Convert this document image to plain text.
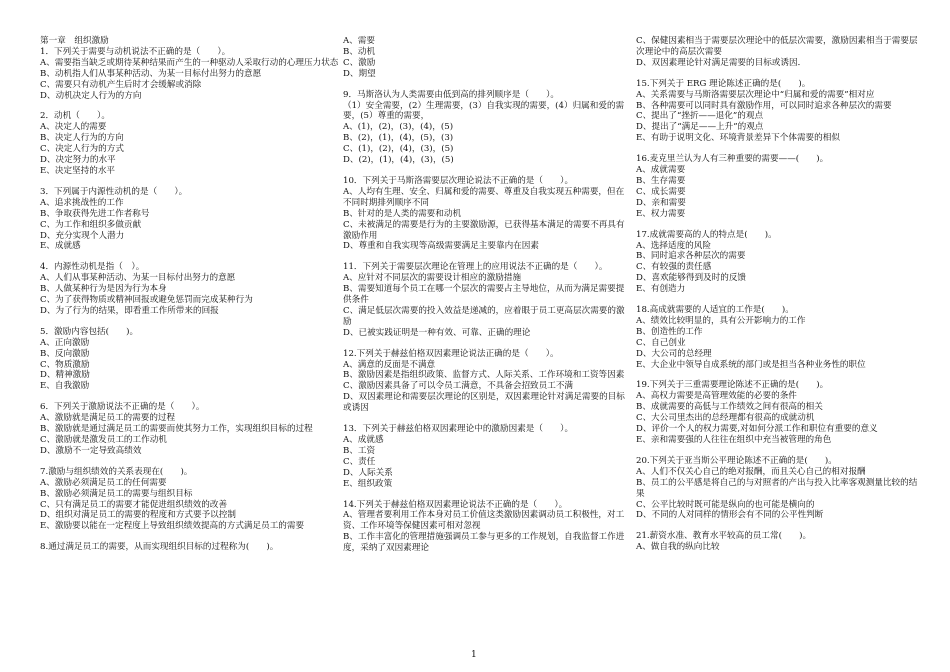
第一章　组织激励
1．下列关于需要与动机说法不正确的是（　　）。
A、需要指当缺乏或期待某种结果而产生的一种驱动人采取行动的心理压力状态
B、动机指人们从事某种活动、为某一目标付出努力的意愿
C、需要只有动机产生后时才会缓解或消除
D、动机决定人行为的方向
2．动机（　　）。
A、决定人的需要
B、决定人行为的方向
C、决定人行为的方式
D、决定努力的水平
E、决定坚持的水平
3．下列属于内源性动机的是（　　）。
A、追求挑战性的工作
B、争取获得先进工作者称号
C、为工作和组织多做贡献
D、充分实现个人潜力
E、成就感
4．内源性动机是指（　）。
A、人们从事某种活动、为某一目标付出努力的意愿
B、人做某种行为是因为行为本身
C、为了获得物质或精神回报或避免惩罚而完成某种行为
D、为了行为的结果，即看重工作所带来的回报
5．激励内容包括(　　)。
A、正向激励
B、反向激励
C、物质激励
D、精神激励
E、自我激励
6．下列关于激励说法不正确的是（　　）。
A、激励就是满足员工的需要的过程
B、激励就是通过满足员工的需要而使其努力工作，实现组织目标的过程
C、激励就是激发员工的工作动机
D、激励不一定导致高绩效
7.激励与组织绩效的关系表现在(　　)。
A、激励必须满足员工的任何需要
B、激励必须满足员工的需要与组织目标
C、只有满足员工的需要才能促进组织绩效的改善
D、组织对满足员工的需要的程度和方式要予以控制
E、激励要以能在一定程度上导致组织绩效提高的方式满足员工的需要
8.通过满足员工的需要，从而实现组织目标的过程称为(　　)。
A、需要
B、动机
C、激励
D、期望
9．马斯洛认为人类需要由低到高的排列顺序是（　　）。
（1）安全需要，(2）生理需要，(3）自我实现的需要，(4）归属和爱的需要，(5）尊重的需要，
A、(1)，(2)，(3)，(4)，(5)
B、(2)，(1)，(4)，(5)，(3)
C、(1)，(2)，(4)，(3)，(5)
D、(2)，(1)，(4)，(3)，(5)
10．下列关于马斯洛需要层次理论说法不正确的是（　　）。
A、人均有生理、安全、归属和爱的需要、尊重及自我实现五种需要，但在不同时期排列顺序不同
B、针对的是人类的需要和动机
C、未被满足的需要是行为的主要激励源，已获得基本满足的需要不再具有激励作用
D、尊重和自我实现等高级需要满足主要靠内在因素
11．下列关于需要层次理论在管理上的应用说法不正确的是（　　）。
A、应针对不同层次的需要设计相应的激励措施
B、需要知道每个员工在哪一个层次的需要占主导地位，从而为满足需要提供条件
C、满足低层次需要的投入效益是递减的，应着眼于员工更高层次需要的激励
D、已被实践证明是一种有效、可靠、正确的理论
12.下列关于赫兹伯格双因素理论说法正确的是（　　）。
A、满意的反面是不满意
B、激励因素是指组织政策、监督方式、人际关系、工作环境和工资等因素
C、激励因素具备了可以令员工满意，不具备会招致员工不满
D、双因素理论和需要层次理论的区别是，双因素理论针对满足需要的目标或诱因
13．下列关于赫兹伯格双因素理论中的激励因素是（　　）。
A、成就感
B、工资
C、责任
D、人际关系
E、组织政策
14.下列关于赫兹伯格双因素理论说法不正确的是（　　）。
A、管理者要利用工作本身对员工价值这类激励因素调动员工积极性，对工资、工作环境等保健因素可相对忽视
B、工作丰富化的管理措施强调员工参与更多的工作规划，自我监督工作进度，采纳了双因素理论
C、保健因素相当于需要层次理论中的低层次需要，激励因素相当于需要层次理论中的高层次需要
D、双因素理论针对满足需要的目标或诱因．
15.下列关于 ERG 理论陈述正确的是(　　)。
A、关系需要与马斯洛需要层次理论中“归属和爱的需要”相对应
B、各种需要可以同时具有激励作用，可以同时追求各种层次的需要
C、提出了“挫折——退化”的观点
D、提出了“满足——上升”的观点
E、有助于说明文化、环境背景差异下个体需要的相似
16.麦克里兰认为人有三种重要的需要——(　　)。
A、成就需要
B、生存需要
C、成长需要
D、亲和需要
E、权力需要
17.成就需要高的人的特点是(　　)。
A、选择适度的风险
B、同时追求各种层次的需要
C、有较强的责任感
D、喜欢能够得到及时的反馈
E、有创造力
18.高成就需要的人适宜的工作是(　　)。
A、绩效比较明显的，具有公开影响力的工作
B、创造性的工作
C、自己创业
D、大公司的总经理
E、大企业中领导自成系统的部门或是担当各种业务性的职位
19.下列关于三重需要理论陈述不正确的是(　　)。
A、高权力需要是高管理效能的必要的条件
B、成就需要的高低与工作绩效之间有很高的相关
C、大公司里杰出的总经理都有很高的成就动机
D、评价一个人的权力需要,对如何分派工作和职位有重要的意义
E、亲和需要强的人往往在组织中充当被管理的角色
20.下列关于亚当斯公平理论陈述不正确的是(　　)。
A、人们不仅关心自己的绝对报酬，而且关心自己的相对报酬
B、员工的公平感是将自己的与对照者的产出与投入比率客观测量比较的结果
C、公平比较时既可能是纵向的也可能是横向的
D、不同的人对同样的情形会有不同的公平性判断
21.薪资水准、教育水平较高的员工常(　　)。
A、做自我的纵向比较
1
